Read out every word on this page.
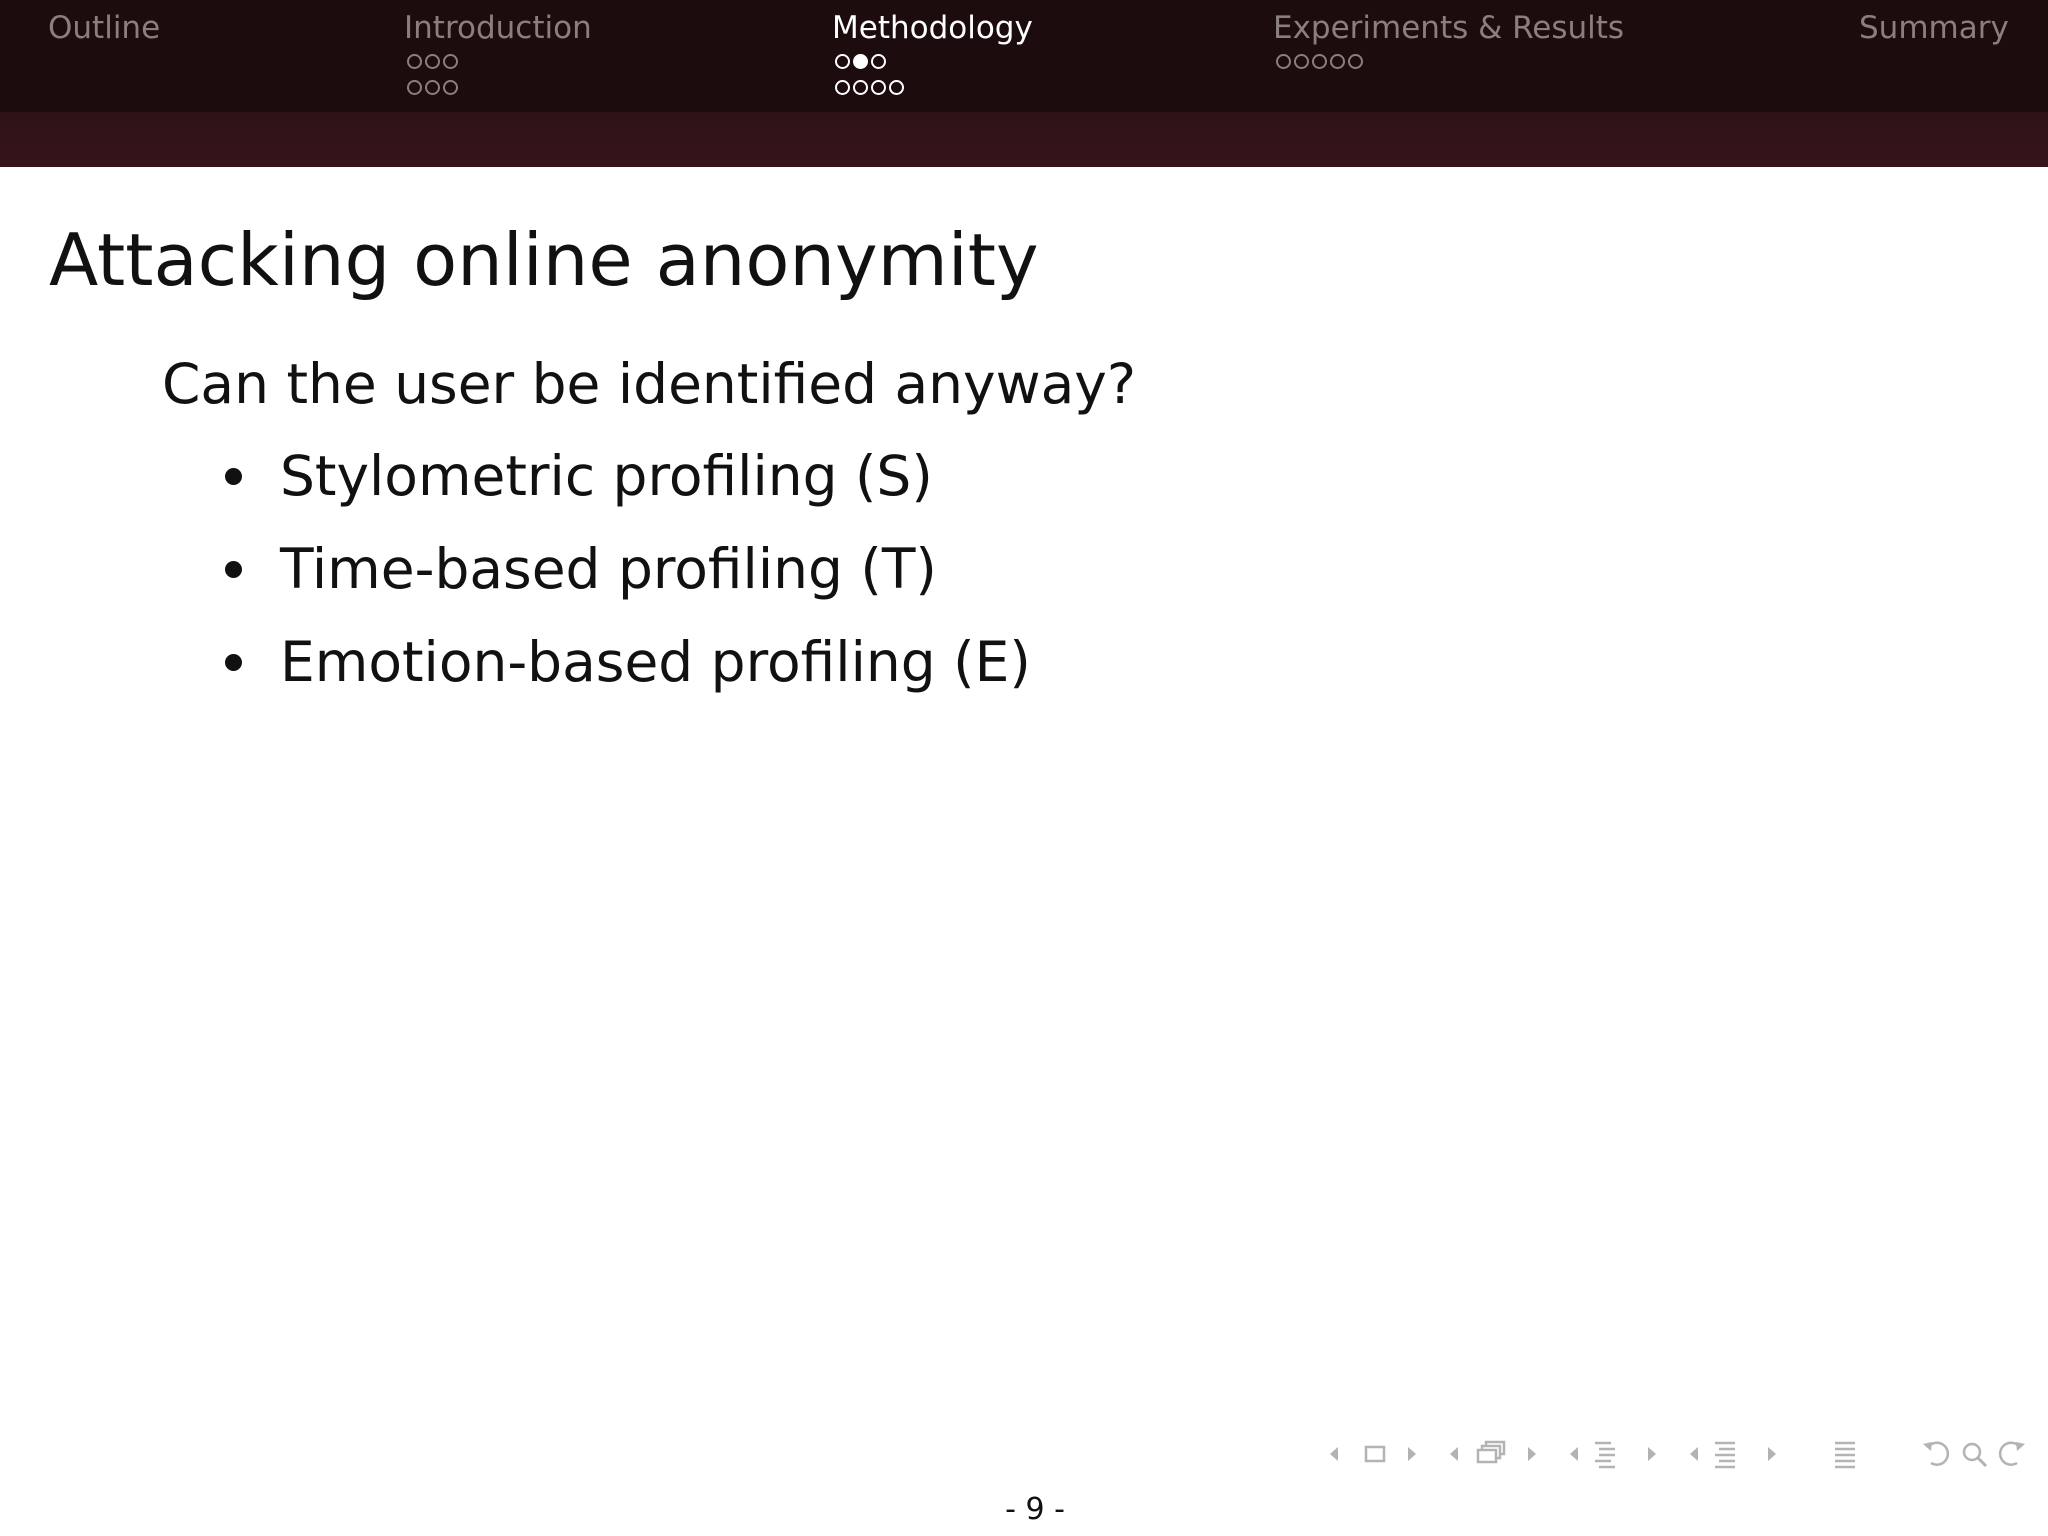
Outline	Introduction	Methodology	Experiments & Results	Summary
Attacking online anonymity
Can the user be identified anyway?
Stylometric profiling (S)
Time-based profiling (T)
Emotion-based profiling (E)
- 9 -
